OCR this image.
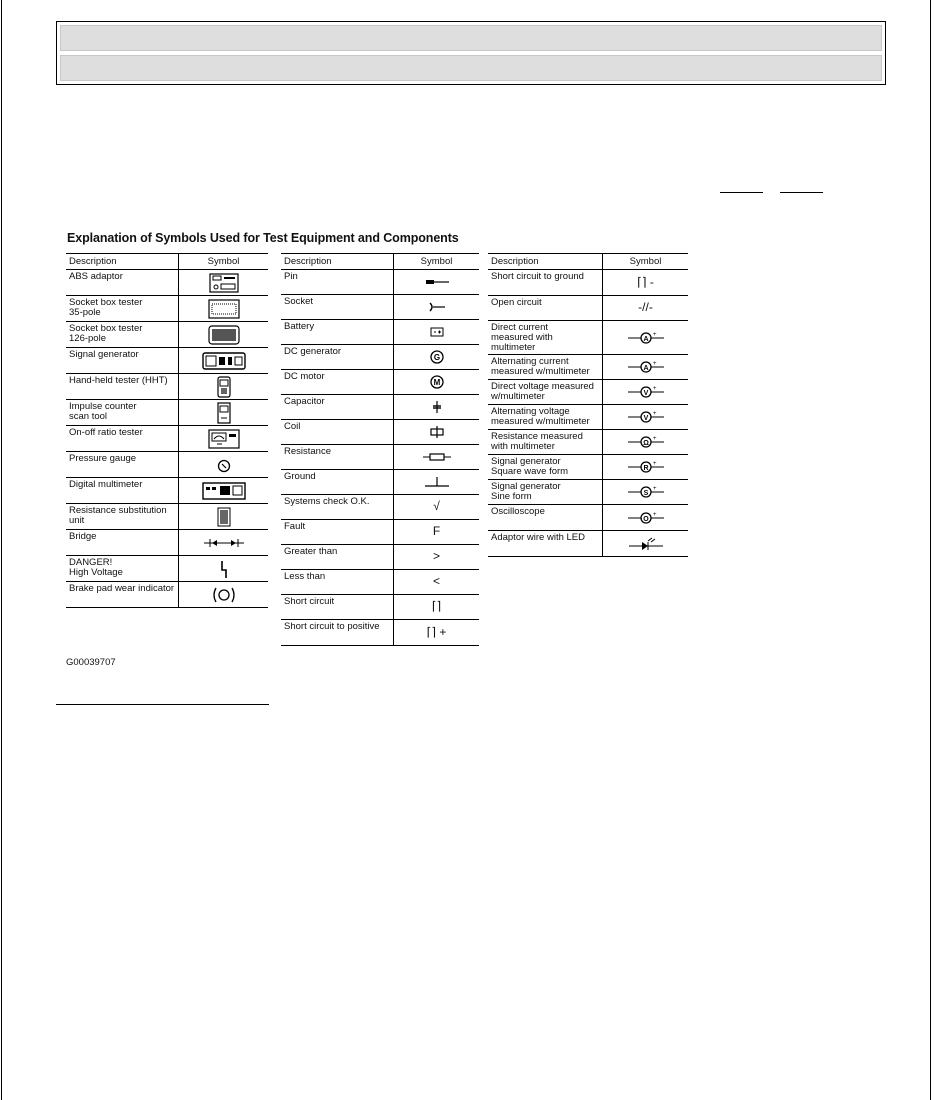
Explanation of Symbols Used for Test Equipment and Components
Description	Symbol
ABS adaptor	

Socket box tester
35-pole	

Socket box tester
126-pole	

Signal generator	

Hand-held tester (HHT)	

Impulse counter
scan tool	

On-off ratio tester	

Pressure gauge	

Digital multimeter	

Resistance substitution
unit	

Bridge	

DANGER!
High Voltage	

Brake pad wear indicator	
Description	Symbol
Pin	

Socket	

Battery	

DC generator	G

DC motor	M

Capacitor	

Coil	

Resistance	

Ground	

Systems check O.K.	√
Fault	F
Greater than	>
Less than	<
Short circuit	⌈⌉
Short circuit to positive	⌈⌉ +
Description	Symbol
Short circuit to ground	⌈⌉ -
Open circuit	-//-
Direct current
measured with
multimeter	A
+

Alternating current
measured w/multimeter	A
+

Direct voltage measured
w/multimeter	V
+

Alternating voltage
measured w/multimeter	V
+

Resistance measured
with multimeter	Ω
+

Signal generator
Square wave form	R
+

Signal generator
Sine form	S
+

Oscilloscope	O
+

Adaptor wire with LED	
G00039707
